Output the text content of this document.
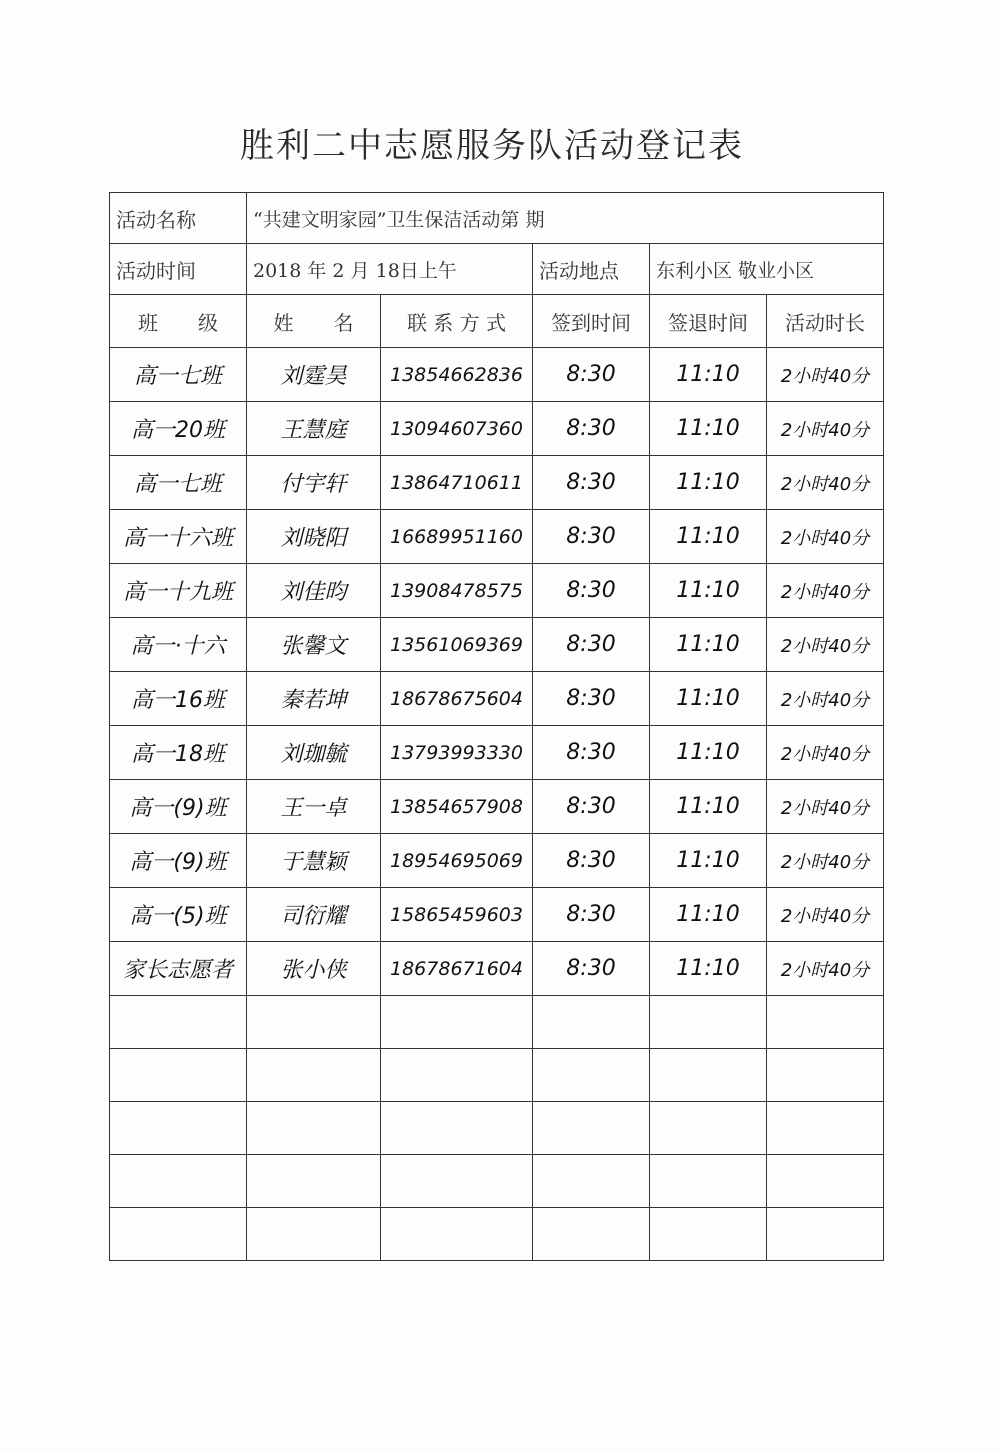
胜利二中志愿服务队活动登记表
活动名称	“共建文明家园”卫生保洁活动第 期				
活动时间	2018 年 2 月 18日上午		活动地点	东利小区 敬业小区	
班　　级	姓　　名	联 系 方 式	签到时间	签退时间	活动时长
高一七班	刘霆昊	13854662836	8:30	11:10	2小时40分
高一20班	王慧庭	13094607360	8:30	11:10	2小时40分
高一七班	付宇轩	13864710611	8:30	11:10	2小时40分
高一十六班	刘晓阳	16689951160	8:30	11:10	2小时40分
高一十九班	刘佳昀	13908478575	8:30	11:10	2小时40分
高一·十六	张馨文	13561069369	8:30	11:10	2小时40分
高一16班	秦若坤	18678675604	8:30	11:10	2小时40分
高一18班	刘珈毓	13793993330	8:30	11:10	2小时40分
高一(9)班	王一卓	13854657908	8:30	11:10	2小时40分
高一(9)班	于慧颖	18954695069	8:30	11:10	2小时40分
高一(5)班	司衍耀	15865459603	8:30	11:10	2小时40分
家长志愿者	张小侠	18678671604	8:30	11:10	2小时40分
